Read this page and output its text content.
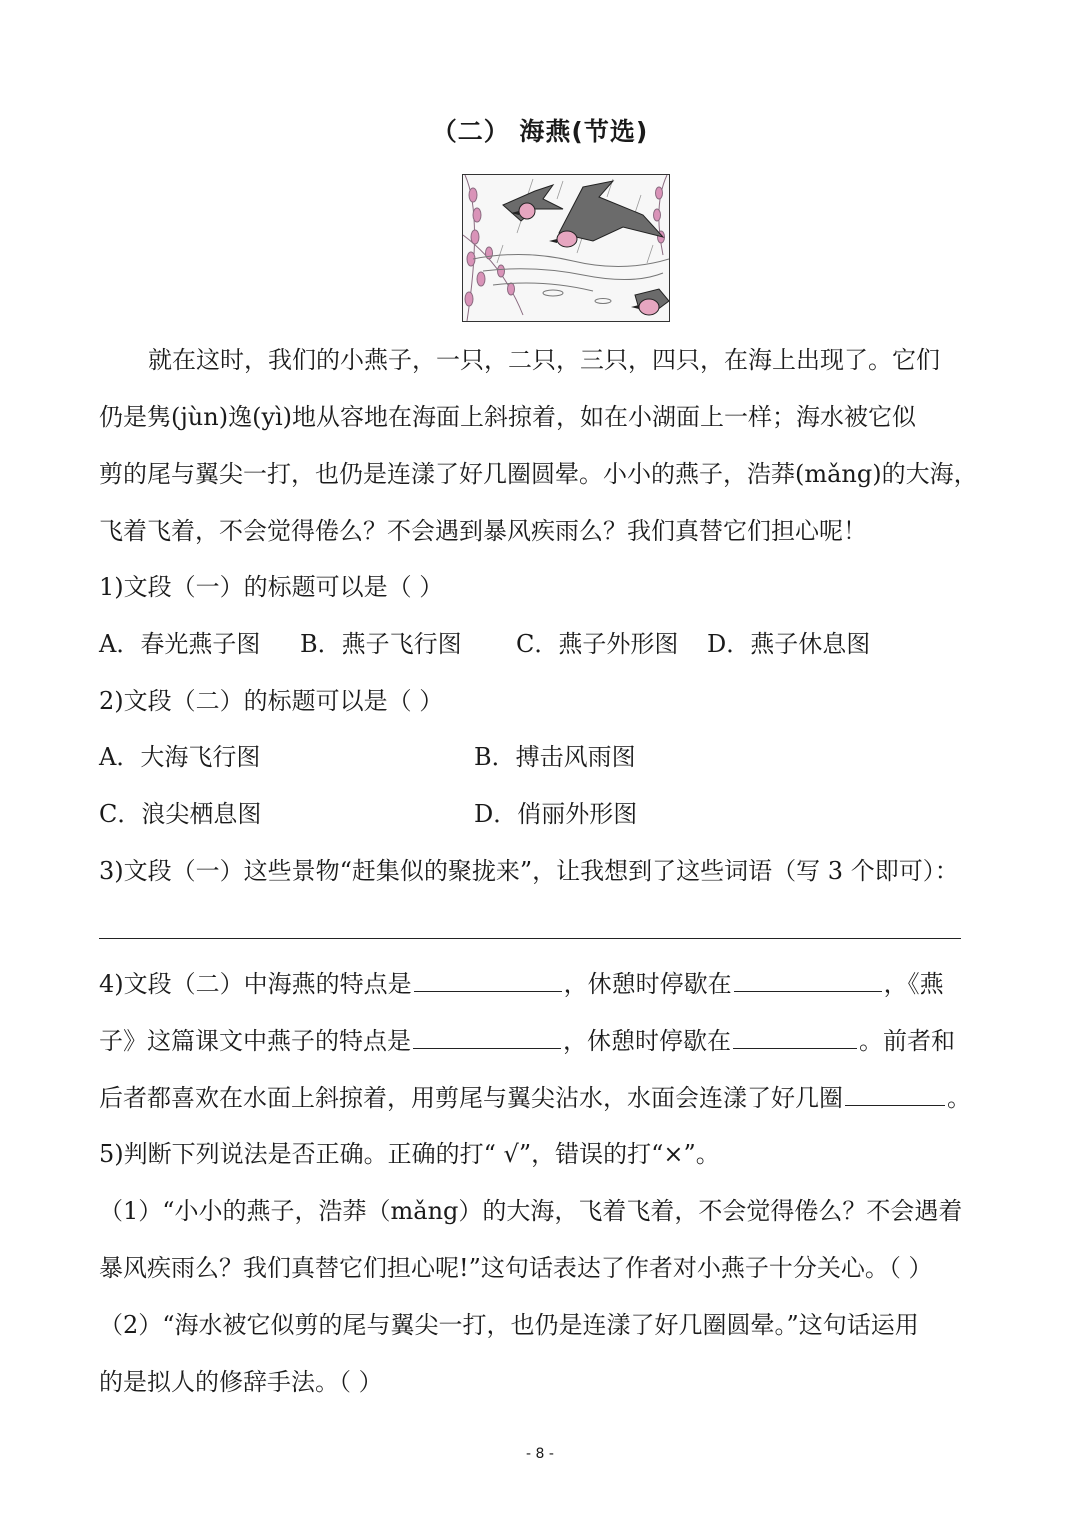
（二） 海燕(节选)
就在这时，我们的小燕子，一只，二只，三只，四只，在海上出现了。它们
仍是隽(jùn)逸(yì)地从容地在海面上斜掠着，如在小湖面上一样；海水被它似
剪的尾与翼尖一打，也仍是连漾了好几圈圆晕。小小的燕子，浩莽(mǎng)的大海，
飞着飞着，不会觉得倦么？不会遇到暴风疾雨么？我们真替它们担心呢！
1)文段（一）的标题可以是（ ）
A．春光燕子图 B．燕子飞行图 C．燕子外形图 D．燕子休息图
2)文段（二）的标题可以是（ ）
A．大海飞行图	B．搏击风雨图
C．浪尖栖息图	D．俏丽外形图
3)文段（一）这些景物“赶集似的聚拢来”，让我想到了这些词语（写 3 个即可）：
4)文段（二）中海燕的特点是	，休憩时停歇在	，《燕
子》这篇课文中燕子的特点是	，休憩时停歇在	。前者和
后者都喜欢在水面上斜掠着，用剪尾与翼尖沾水，水面会连漾了好几圈	。
5)判断下列说法是否正确。正确的打“ √”，错误的打“×”。
（1）“小小的燕子，浩莽（mǎng）的大海，飞着飞着，不会觉得倦么？不会遇着
暴风疾雨么？我们真替它们担心呢!”这句话表达了作者对小燕子十分关心。（ ）
（2）“海水被它似剪的尾与翼尖一打，也仍是连漾了好几圈圆晕。”这句话运用
的是拟人的修辞手法。（ ）
- 8 -
